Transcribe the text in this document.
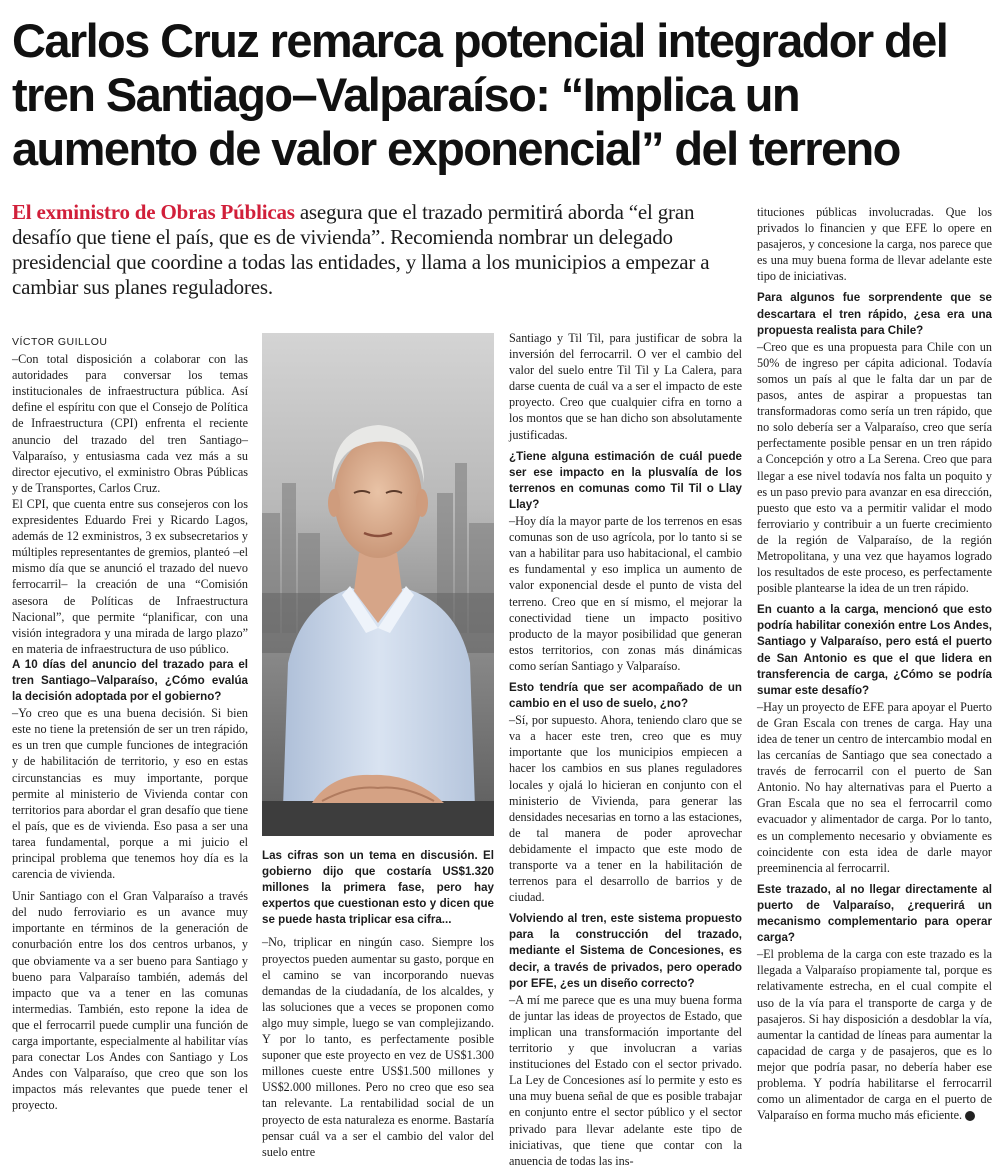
Carlos Cruz remarca potencial integrador del tren Santiago–Valparaíso: “Implica un aumento de valor exponencial” del terreno

El exministro de Obras Públicas asegura que el trazado permitirá aborda “el gran desafío que tiene el país, que es de vivienda”. Recomienda nombrar un delegado presidencial que coordine a todas las entidades, y llama a los municipios a empezar a cambiar sus planes reguladores.

VÍCTOR GUILLOU

–Con total disposición a colaborar con las autoridades para conversar los temas institucionales de infraestructura pública. Así define el espíritu con que el Consejo de Política de Infraestructura (CPI) enfrenta el reciente anuncio del trazado del tren Santiago–Valparaíso, y entusiasma cada vez más a su director ejecutivo, el exministro Obras Públicas y de Transportes, Carlos Cruz.

El CPI, que cuenta entre sus consejeros con los expresidentes Eduardo Frei y Ricardo Lagos, además de 12 exministros, 3 ex subsecretarios y múltiples representantes de gremios, planteó –el mismo día que se anunció el trazado del nuevo ferrocarril– la creación de una “Comisión asesora de Políticas de Infraestructura Nacional”, que permite “planificar, con una visión integradora y una mirada de largo plazo” en materia de infraestructura de uso público.

A 10 días del anuncio del trazado para el tren Santiago–Valparaíso, ¿Cómo evalúa la decisión adoptada por el gobierno?

–Yo creo que es una buena decisión. Si bien este no tiene la pretensión de ser un tren rápido, es un tren que cumple funciones de integración y de habilitación de territorio, y eso en estas circunstancias es muy importante, porque permite al ministerio de Vivienda contar con territorios para abordar el gran desafío que tiene el país, que es de vivienda. Eso pasa a ser una tarea fundamental, porque a mi juicio el principal problema que tenemos hoy día es la carencia de vivienda.

Unir Santiago con el Gran Valparaíso a través del nudo ferroviario es un avance muy importante en términos de la generación de conurbación entre los dos centros urbanos, y que obviamente va a ser bueno para Santiago y bueno para Valparaíso también, además del impacto que va a tener en las comunas intermedias. También, esto repone la idea de que el ferrocarril puede cumplir una función de carga importante, especialmente al habilitar vías para conectar Los Andes con Santiago y Los Andes con Valparaíso, que creo que son los impactos más relevantes que puede tener el proyecto.

Las cifras son un tema en discusión. El gobierno dijo que costaría US$1.320 millones la primera fase, pero hay expertos que cuestionan esto y dicen que se puede hasta triplicar esa cifra...

–No, triplicar en ningún caso. Siempre los proyectos pueden aumentar su gasto, porque en el camino se van incorporando nuevas demandas de la ciudadanía, de los alcaldes, y las soluciones que a veces se proponen como algo muy simple, luego se van complejizando. Y por lo tanto, es perfectamente posible suponer que este proyecto en vez de US$1.300 millones cueste entre US$1.500 millones y US$2.000 millones. Pero no creo que eso sea tan relevante. La rentabilidad social de un proyecto de esta naturaleza es enorme. Bastaría pensar cuál va a ser el cambio del valor del suelo entre

Santiago y Til Til, para justificar de sobra la inversión del ferrocarril. O ver el cambio del valor del suelo entre Til Til y La Calera, para darse cuenta de cuál va a ser el impacto de este proyecto. Creo que cualquier cifra en torno a los montos que se han dicho son absolutamente justificadas.

¿Tiene alguna estimación de cuál puede ser ese impacto en la plusvalía de los terrenos en comunas como Til Til o Llay Llay?

–Hoy día la mayor parte de los terrenos en esas comunas son de uso agrícola, por lo tanto si se van a habilitar para uso habitacional, el cambio es fundamental y eso implica un aumento de valor exponencial desde el punto de vista del terreno. Creo que en sí mismo, el mejorar la conectividad tiene un impacto positivo producto de la mayor posibilidad que generan estos territorios, con zonas más dinámicas como serían Santiago y Valparaíso.

Esto tendría que ser acompañado de un cambio en el uso de suelo, ¿no?

–Sí, por supuesto. Ahora, teniendo claro que se va a hacer este tren, creo que es muy importante que los municipios empiecen a hacer los cambios en sus planes reguladores locales y ojalá lo hicieran en conjunto con el ministerio de Vivienda, para generar las densidades necesarias en torno a las estaciones, de tal manera de poder aprovechar debidamente el impacto que este modo de transporte va a tener en la habilitación de terrenos para el desarrollo de barrios y de ciudad.

Volviendo al tren, este sistema propuesto para la construcción del trazado, mediante el Sistema de Concesiones, es decir, a través de privados, pero operado por EFE, ¿es un diseño correcto?

–A mí me parece que es una muy buena forma de juntar las ideas de proyectos de Estado, que implican una transformación importante del territorio y que involucran a varias instituciones del Estado con el sector privado. La Ley de Concesiones así lo permite y esto es una muy buena señal de que es posible trabajar en conjunto entre el sector público y el sector privado para llevar adelante este tipo de iniciativas, que tiene que contar con la anuencia de todas las ins-

tituciones públicas involucradas. Que los privados lo financien y que EFE lo opere en pasajeros, y concesione la carga, nos parece que es una muy buena forma de llevar adelante este tipo de iniciativas.

Para algunos fue sorprendente que se descartara el tren rápido, ¿esa era una propuesta realista para Chile?

–Creo que es una propuesta para Chile con un 50% de ingreso per cápita adicional. Todavía somos un país al que le falta dar un par de pasos, antes de aspirar a propuestas tan transformadoras como sería un tren rápido, que no solo debería ser a Valparaíso, creo que sería perfectamente posible pensar en un tren rápido a Concepción y otro a La Serena. Creo que para llegar a ese nivel todavía nos falta un poquito y es un paso previo para avanzar en esa dirección, puesto que esto va a permitir validar el modo ferroviario y contribuir a un fuerte crecimiento de la región de Valparaíso, de la región Metropolitana, y una vez que hayamos logrado los resultados de este proceso, es perfectamente posible plantearse la idea de un tren rápido.

En cuanto a la carga, mencionó que esto podría habilitar conexión entre Los Andes, Santiago y Valparaíso, pero está el puerto de San Antonio es que el que lidera en transferencia de carga, ¿Cómo se podría sumar este desafío?

–Hay un proyecto de EFE para apoyar el Puerto de Gran Escala con trenes de carga. Hay una idea de tener un centro de intercambio modal en las cercanías de Santiago que sea conectado a través de ferrocarril con el puerto de San Antonio. No hay alternativas para el Puerto a Gran Escala que no sea el ferrocarril como evacuador y alimentador de carga. Por lo tanto, es un complemento necesario y obviamente es coincidente con esta idea de darle mayor preeminencia al ferrocarril.

Este trazado, al no llegar directamente al puerto de Valparaíso, ¿requerirá un mecanismo complementario para operar carga?

–El problema de la carga con este trazado es la llegada a Valparaíso propiamente tal, porque es relativamente estrecha, en el cual compite el uso de la vía para el transporte de carga y de pasajeros. Si hay disposición a desdoblar la vía, aumentar la cantidad de líneas para aumentar la capacidad de carga y de pasajeros, que es lo mejor que podría pasar, no debería haber ese problema. Y podría habilitarse el ferrocarril como un alimentador de carga en el puerto de Valparaíso en forma mucho más eficiente.
